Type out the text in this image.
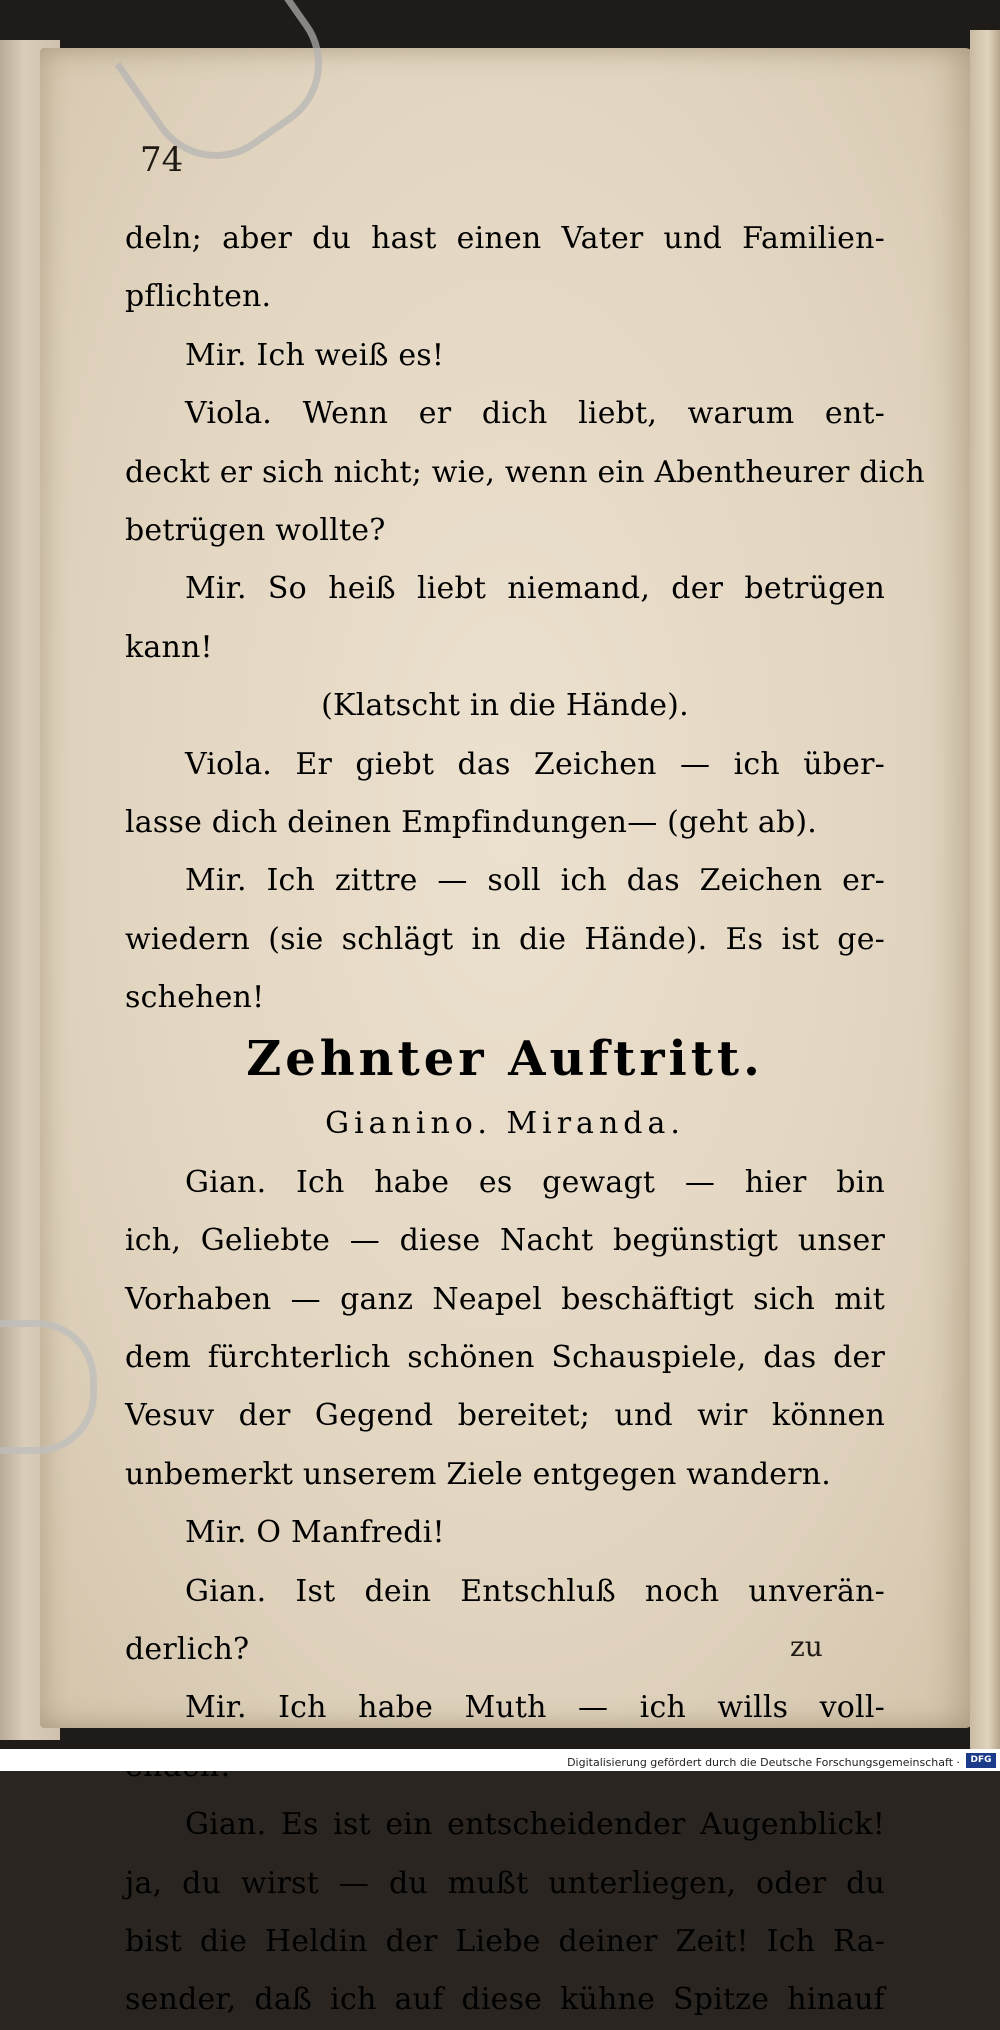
74
deln; aber du hast einen Vater und Familien-
pflichten.
Mir. Ich weiß es!
Viola. Wenn er dich liebt, warum ent-
deckt er sich nicht; wie, wenn ein Abentheurer dich
betrügen wollte?
Mir. So heiß liebt niemand, der betrügen
kann!
(Klatscht in die Hände).
Viola. Er giebt das Zeichen — ich über-
lasse dich deinen Empfindungen— (geht ab).
Mir. Ich zittre — soll ich das Zeichen er-
wiedern (sie schlägt in die Hände). Es ist ge-
schehen!
Zehnter Auftritt.
Gianino. Miranda.
Gian. Ich habe es gewagt — hier bin
ich, Geliebte — diese Nacht begünstigt unser
Vorhaben — ganz Neapel beschäftigt sich mit
dem fürchterlich schönen Schauspiele, das der
Vesuv der Gegend bereitet; und wir können
unbemerkt unserem Ziele entgegen wandern.
Mir. O Manfredi!
Gian. Ist dein Entschluß noch unverän-
derlich?
Mir. Ich habe Muth — ich wills voll-
Gian. Es ist ein entscheidender Augenblick!
ja, du wirst — du mußt unterliegen, oder du
bist die Heldin der Liebe deiner Zeit! Ich Ra-
sender, daß ich auf diese kühne Spitze hinauf
zu
Digitalisierung gefördert durch die Deutsche Forschungsgemeinschaft ·	DFG
